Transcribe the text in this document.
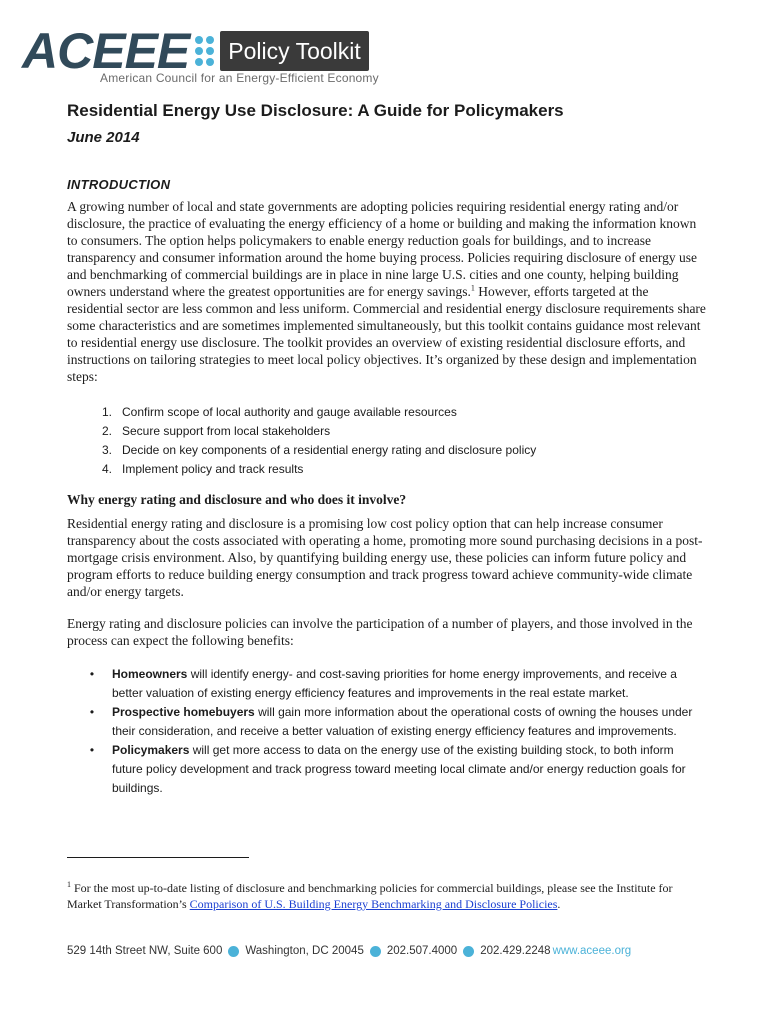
ACEEE	Policy Toolkit
American Council for an Energy-Efficient Economy
Residential Energy Use Disclosure: A Guide for Policymakers
June 2014
INTRODUCTION
A growing number of local and state governments are adopting policies requiring residential energy rating and/or disclosure, the practice of evaluating the energy efficiency of a home or building and making the information known to consumers. The option helps policymakers to enable energy reduction goals for buildings, and to increase transparency and consumer information around the home buying process. Policies requiring disclosure of energy use and benchmarking of commercial buildings are in place in nine large U.S. cities and one county, helping building owners understand where the greatest opportunities are for energy savings.$^1$ However, efforts targeted at the residential sector are less common and less uniform. Commercial and residential energy disclosure requirements share some characteristics and are sometimes implemented simultaneously, but this toolkit contains guidance most relevant to residential energy use disclosure. The toolkit provides an overview of existing residential disclosure efforts, and instructions on tailoring strategies to meet local policy objectives. It’s organized by these design and implementation steps:
1. Confirm scope of local authority and gauge available resources
2. Secure support from local stakeholders
3. Decide on key components of a residential energy rating and disclosure policy
4. Implement policy and track results
Why energy rating and disclosure and who does it involve?
Residential energy rating and disclosure is a promising low cost policy option that can help increase consumer transparency about the costs associated with operating a home, promoting more sound purchasing decisions in a post-mortgage crisis environment. Also, by quantifying building energy use, these policies can inform future policy and program efforts to reduce building energy consumption and track progress toward achieve community-wide climate and/or energy targets.
Energy rating and disclosure policies can involve the participation of a number of players, and those involved in the process can expect the following benefits:
•	Homeowners will identify energy- and cost-saving priorities for home energy improvements, and receive a better valuation of existing energy efficiency features and improvements in the real estate market.
•	Prospective homebuyers will gain more information about the operational costs of owning the houses under their consideration, and receive a better valuation of existing energy efficiency features and improvements.
•	Policymakers will get more access to data on the energy use of the existing building stock, to both inform future policy development and track progress toward meeting local climate and/or energy reduction goals for buildings.
$^1$ For the most up-to-date listing of disclosure and benchmarking policies for commercial buildings, please see the Institute for Market Transformation’s Comparison of U.S. Building Energy Benchmarking and Disclosure Policies.
529 14th Street NW, Suite 600 Washington, DC 20045 202.507.4000 202.429.2248 www.aceee.org
